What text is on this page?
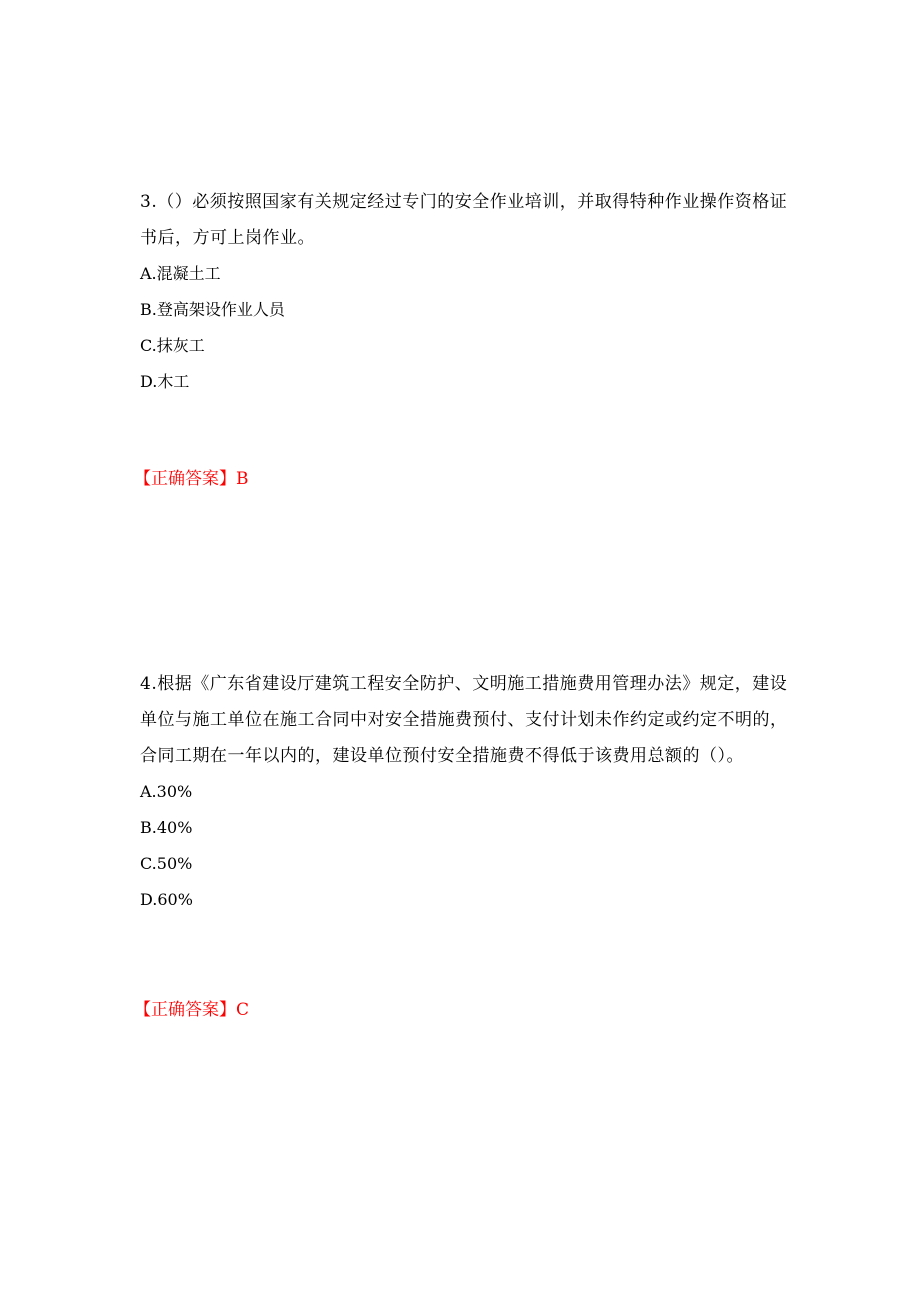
3.（）必须按照国家有关规定经过专门的安全作业培训，并取得特种作业操作资格证书后，方可上岗作业。

A.混凝土工
B.登高架设作业人员
C.抹灰工
D.木工
【正确答案】B

4.根据《广东省建设厅建筑工程安全防护、文明施工措施费用管理办法》规定，建设单位与施工单位在施工合同中对安全措施费预付、支付计划未作约定或约定不明的，合同工期在一年以内的，建设单位预付安全措施费不得低于该费用总额的（）。

A.30%
B.40%
C.50%
D.60%
【正确答案】C
